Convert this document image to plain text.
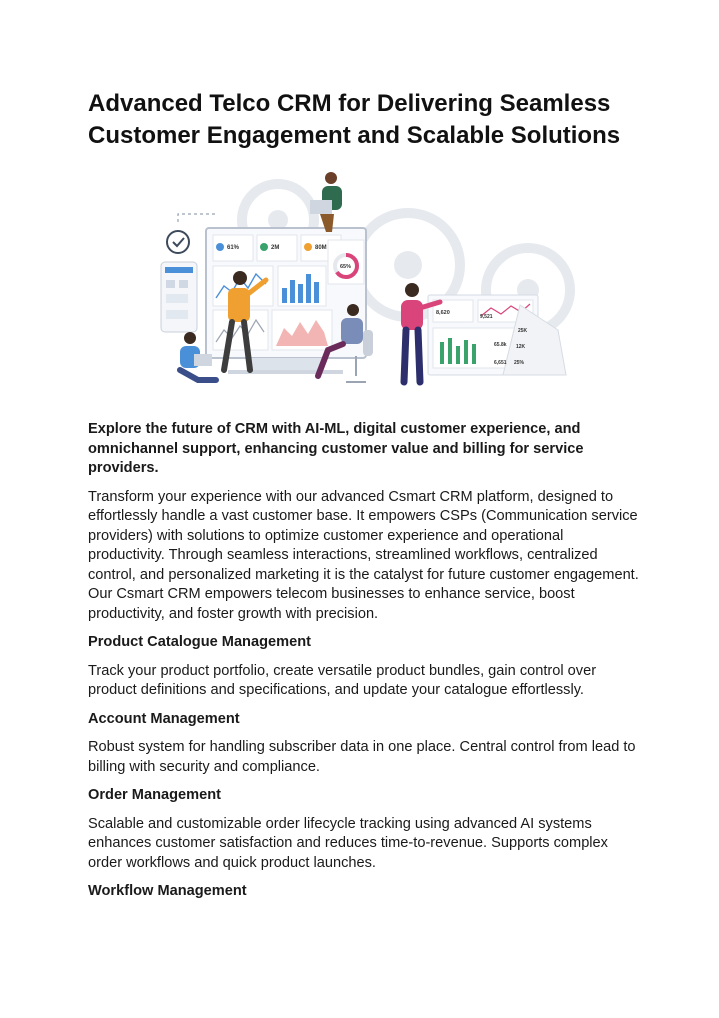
Advanced Telco CRM for Delivering Seamless Customer Engagement and Scalable Solutions
61%	2M	80M
65%
8,620
25K
12K
25%
9,521
65.8k
6,651

Explore the future of CRM with AI-ML, digital customer experience, and omnichannel support, enhancing customer value and billing for service providers.

Transform your experience with our advanced Csmart CRM platform, designed to effortlessly handle a vast customer base. It empowers CSPs (Communication service providers) with solutions to optimize customer experience and operational productivity. Through seamless interactions, streamlined workflows, centralized control, and personalized marketing it is the catalyst for future customer engagement. Our Csmart CRM empowers telecom businesses to enhance service, boost productivity, and foster growth with precision.

Product Catalogue Management

Track your product portfolio, create versatile product bundles, gain control over product definitions and specifications, and update your catalogue effortlessly.

Account Management

Robust system for handling subscriber data in one place. Central control from lead to billing with security and compliance.

Order Management

Scalable and customizable order lifecycle tracking using advanced AI systems enhances customer satisfaction and reduces time-to-revenue. Supports complex order workflows and quick product launches.

Workflow Management
